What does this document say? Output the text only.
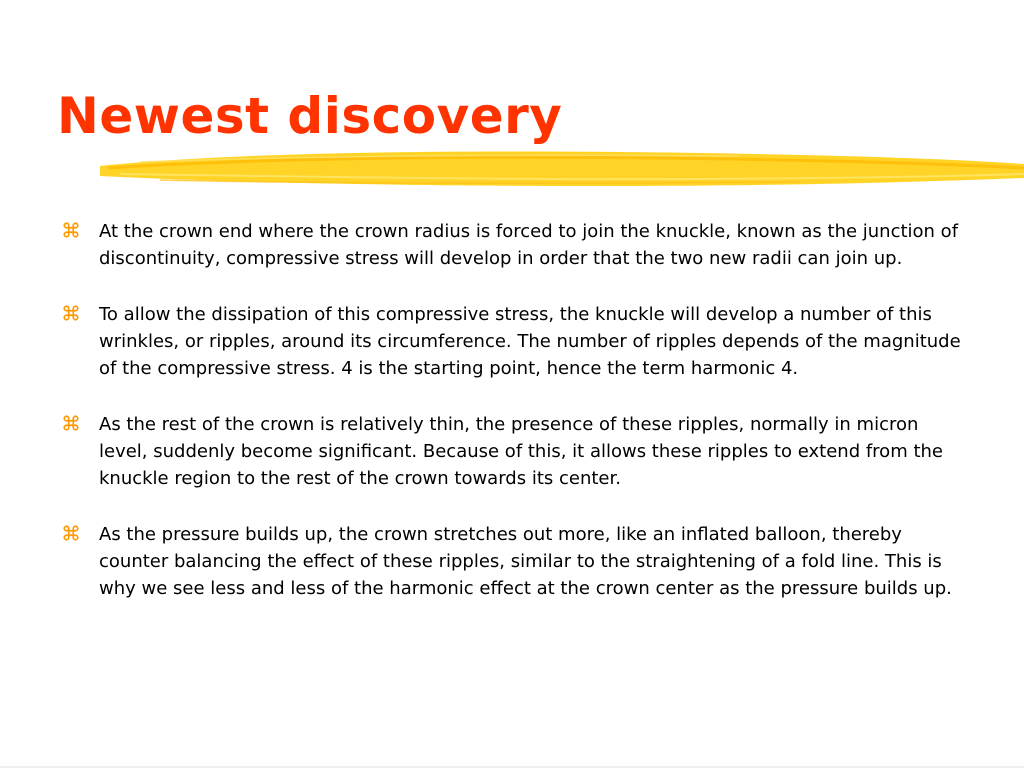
Newest discovery
At the crown end where the crown radius is forced to join the knuckle, known as the junction of discontinuity, compressive stress will develop in order that the two new radii can join up.
To allow the dissipation of this compressive stress, the knuckle will develop a number of this wrinkles, or ripples, around its circumference. The number of ripples depends of the magnitude of the compressive stress. 4 is the starting point, hence the term harmonic 4.
As the rest of the crown is relatively thin, the presence of these ripples, normally in micron level, suddenly become significant. Because of this, it allows these ripples to extend from the knuckle region to the rest of the crown towards its center.
As the pressure builds up, the crown stretches out more, like an inflated balloon, thereby counter balancing the effect of these ripples, similar to the straightening of a fold line. This is why we see less and less of the harmonic effect at the crown center as the pressure builds up.
